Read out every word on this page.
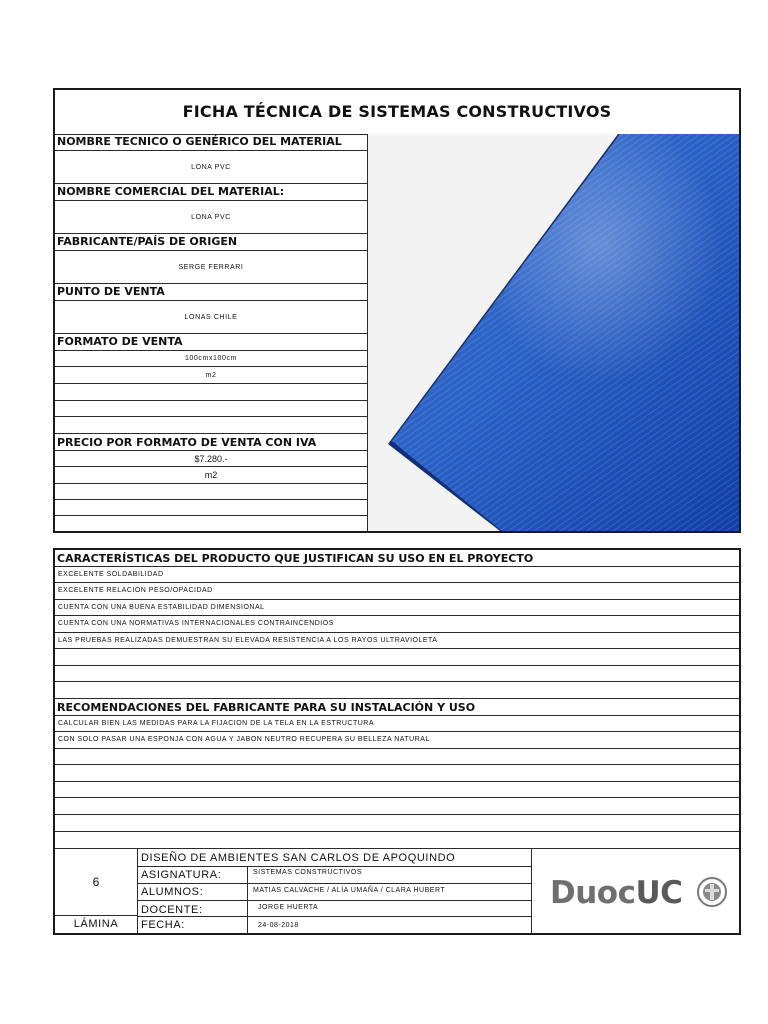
FICHA TÉCNICA DE SISTEMAS CONSTRUCTIVOS
NOMBRE TECNICO O GENÉRICO DEL MATERIAL
LONA PVC
NOMBRE COMERCIAL DEL MATERIAL:
LONA PVC
FABRICANTE/PAÍS DE ORIGEN
SERGE FERRARI
PUNTO DE VENTA
LONAS CHILE
FORMATO DE VENTA
100cmx100cm
m2
PRECIO POR FORMATO DE VENTA CON IVA
$7.280.-
m2
CARACTERÍSTICAS DEL PRODUCTO QUE JUSTIFICAN SU USO EN EL PROYECTO
EXCELENTE SOLDABILIDAD
EXCELENTE RELACION PESO/OPACIDAD
CUENTA CON UNA BUENA ESTABILIDAD DIMENSIONAL
CUENTA CON UNA NORMATIVAS INTERNACIONALES CONTRAINCENDIOS
LAS PRUEBAS REALIZADAS DEMUESTRAN SU ELEVADA RESISTENCIA A LOS RAYOS ULTRAVIOLETA
RECOMENDACIONES DEL FABRICANTE PARA SU INSTALACIÓN Y USO
CALCULAR BIEN LAS MEDIDAS PARA LA FIJACION DE LA TELA EN LA ESTRUCTURA
CON SOLO PASAR UNA ESPONJA CON AGUA Y JABON NEUTRO RECUPERA SU BELLEZA NATURAL
6
LÁMINA
DISEÑO DE AMBIENTES SAN CARLOS DE APOQUINDO
ASIGNATURA:
ALUMNOS:
DOCENTE:
FECHA:
SISTEMAS CONSTRUCTIVOS
MATIAS CALVACHE / ALÍA UMAÑA / CLARA HUBERT
JORGE HUERTA
24-08-2018
DuocUC
